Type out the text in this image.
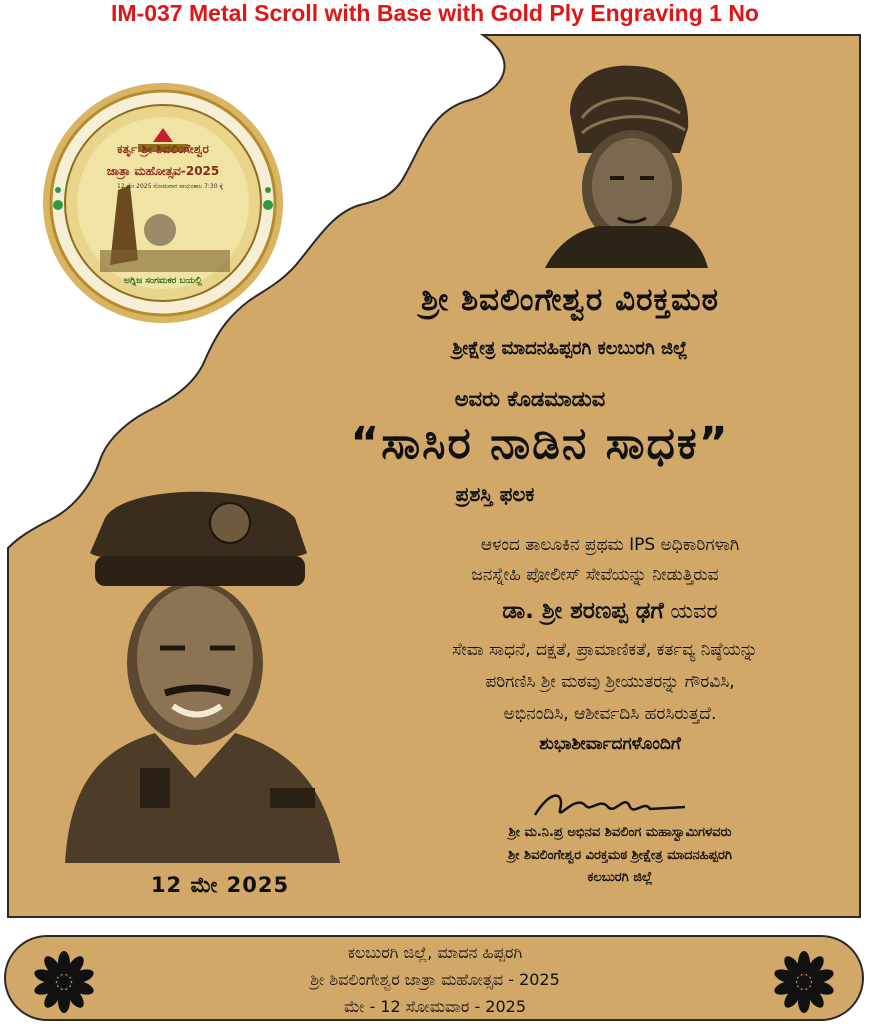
IM-037 Metal Scroll with Base with Gold Ply Engraving 1 No
ಕರ್ತೃ ಶ್ರೀ ಶಿವಲಿಂಗೇಶ್ವರ
ಜಾತ್ರಾ ಮಹೋತ್ಸವ-2025
12 ಮೇ 2025 ಸೋಮವಾರ ಸಾಯಂಕಾಲ 7:30 ಕ್ಕೆ
ಅಗ್ನಿಜ ಸಂಗಮಕರ ಬಯಲ್ಲಿ
ಶ್ರೀ ಶಿವಲಿಂಗೇಶ್ವರ ವಿರಕ್ತಮಠ
ಶ್ರೀಕ್ಷೇತ್ರ ಮಾದನಹಿಪ್ಪರಗಿ ಕಲಬುರಗಿ ಜಿಲ್ಲೆ
ಅವರು ಕೊಡಮಾಡುವ
“ಸಾಸಿರ ನಾಡಿನ ಸಾಧಕ”
ಪ್ರಶಸ್ತಿ ಫಲಕ
ಆಳಂದ ತಾಲೂಕಿನ ಪ್ರಥಮ IPS ಅಧಿಕಾರಿಗಳಾಗಿ
ಜನಸ್ನೇಹಿ ಪೋಲೀಸ್ ಸೇವೆಯನ್ನು ನೀಡುತ್ತಿರುವ
ಡಾ. ಶ್ರೀ ಶರಣಪ್ಪ ಢಗೆ ಯವರ
ಸೇವಾ ಸಾಧನೆ, ದಕ್ಷತೆ, ಪ್ರಾಮಾಣಿಕತೆ, ಕರ್ತವ್ಯ ನಿಷ್ಠೆಯನ್ನು
ಪರಿಗಣಿಸಿ ಶ್ರೀ ಮಠವು ಶ್ರೀಯುತರನ್ನು ಗೌರವಿಸಿ,
ಅಭಿನಂದಿಸಿ, ಆಶೀರ್ವದಿಸಿ ಹರಸಿರುತ್ತದೆ.
ಶುಭಾಶೀರ್ವಾದಗಳೊಂದಿಗೆ
ಶ್ರೀ ಮ.ನಿ.ಪ್ರ ಅಭಿನವ ಶಿವಲಿಂಗ ಮಹಾಸ್ವಾಮಿಗಳವರು
ಶ್ರೀ ಶಿವಲಿಂಗೇಶ್ವರ ವಿರಕ್ತಮಠ ಶ್ರೀಕ್ಷೇತ್ರ ಮಾದನಹಿಪ್ಪರಗಿ
ಕಲಬುರಗಿ ಜಿಲ್ಲೆ
12 ಮೇ 2025
ಕಲಬುರಗಿ ಜಿಲ್ಲೆ, ಮಾದನ ಹಿಪ್ಪರಗಿ
ಶ್ರೀ ಶಿವಲಿಂಗೇಶ್ವರ ಜಾತ್ರಾ ಮಹೋತ್ಸವ - 2025
ಮೇ - 12 ಸೋಮವಾರ - 2025
